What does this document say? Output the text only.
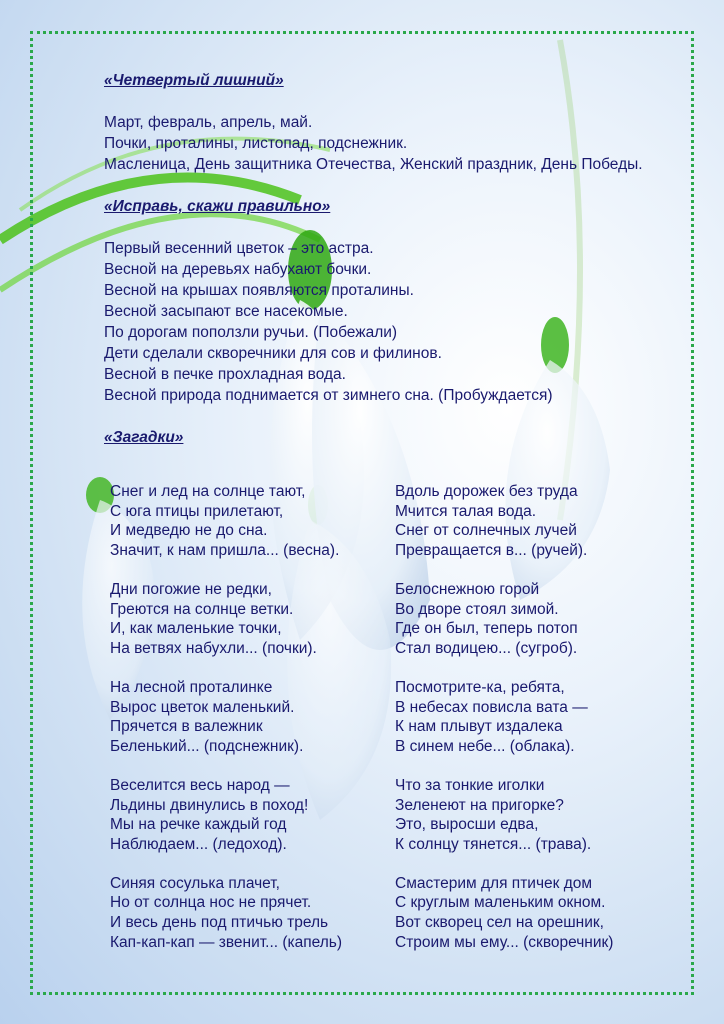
«Четвертый лишний»

Март, февраль, апрель, май.

Почки, проталины, листопад, подснежник.

Масленица, День защитника Отечества, Женский праздник, День Победы.

«Исправь, скажи правильно»

Первый весенний цветок – это астра.

Весной на деревьях набухают бочки.

Весной на крышах появляются проталины.

Весной засыпают все насекомые.

По дорогам поползли ручьи. (Побежали)

Дети сделали скворечники для сов и филинов.

Весной в печке прохладная вода.

Весной природа поднимается от зимнего сна. (Пробуждается)

«Загадки»

Снег и лед на солнце тают,
С юга птицы прилетают,
И медведю не до сна.
Значит, к нам пришла... (весна).
Дни погожие не редки,
Греются на солнце ветки.
И, как маленькие точки,
На ветвях набухли... (почки).
На лесной проталинке
Вырос цветок маленький.
Прячется в валежник
Беленький... (подснежник).
Веселится весь народ —
Льдины двинулись в поход!
Мы на речке каждый год
Наблюдаем... (ледоход).
Синяя сосулька плачет,
Но от солнца нос не прячет.
И весь день под птичью трель
Кап-кап-кап — звенит... (капель)
Вдоль дорожек без труда
Мчится талая вода.
Снег от солнечных лучей
Превращается в... (ручей).
Белоснежною горой
Во дворе стоял зимой.
Где он был, теперь потоп
Стал водицею... (сугроб).
Посмотрите-ка, ребята,
В небесах повисла вата —
К нам плывут издалека
В синем небе... (облака).
Что за тонкие иголки
Зеленеют на пригорке?
Это, выросши едва,
К солнцу тянется... (трава).
Смастерим для птичек дом
С круглым маленьким окном.
Вот скворец сел на орешник,
Строим мы ему... (скворечник)
